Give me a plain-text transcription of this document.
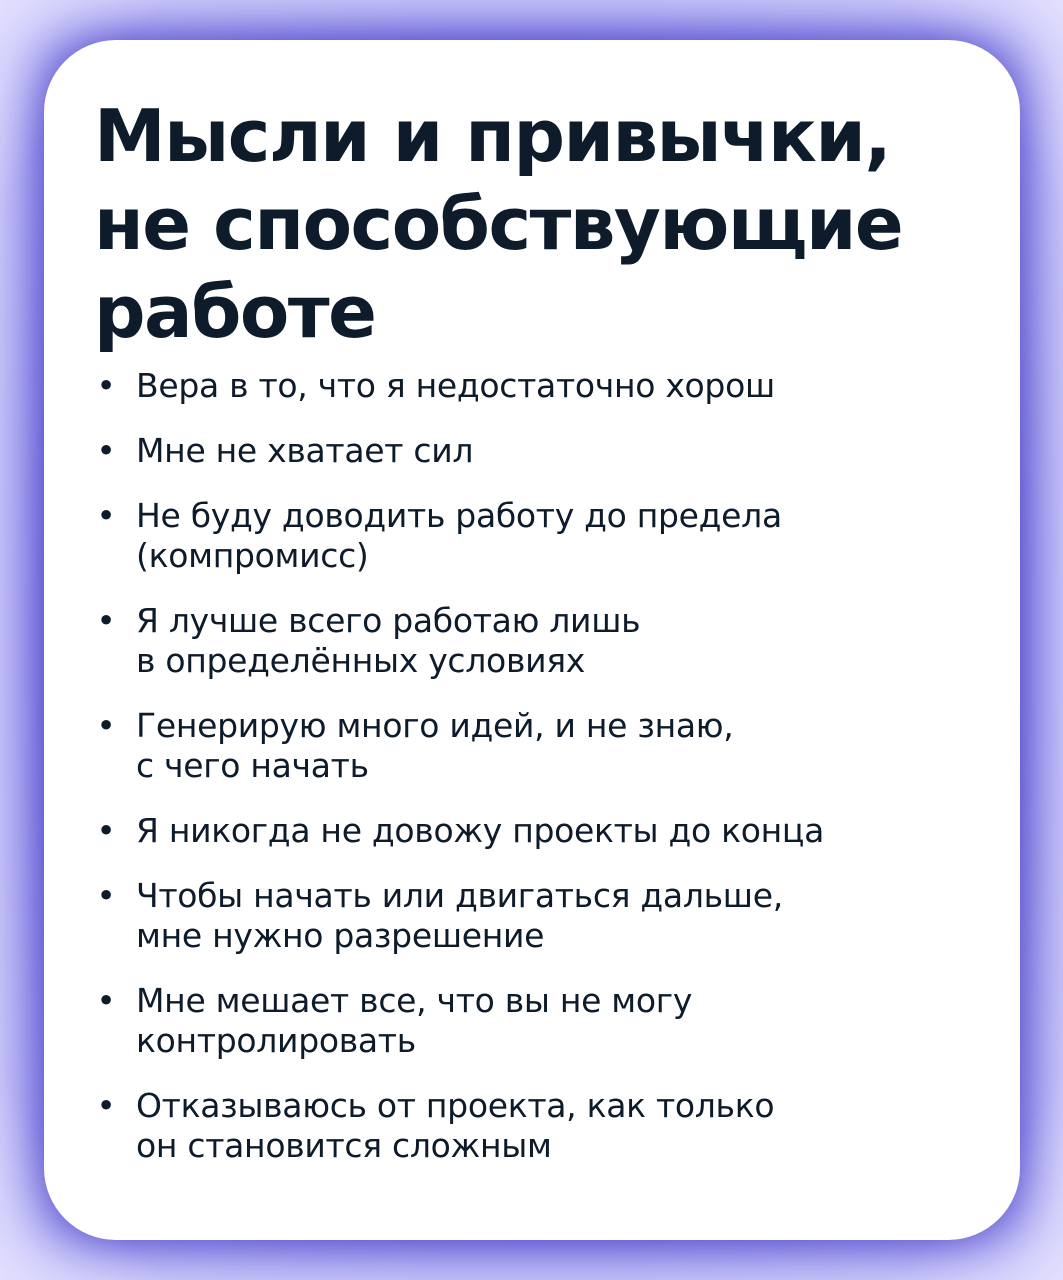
Мысли и привычки,
не способствующие
работе
• Вера в то, что я недостаточно хорош
• Мне не хватает сил
• Не буду доводить работу до предела
(компромисс)
• Я лучше всего работаю лишь
в определённых условиях
• Генерирую много идей, и не знаю,
с чего начать
• Я никогда не довожу проекты до конца
• Чтобы начать или двигаться дальше,
мне нужно разрешение
• Мне мешает все, что вы не могу
контролировать
• Отказываюсь от проекта, как только
он становится сложным
